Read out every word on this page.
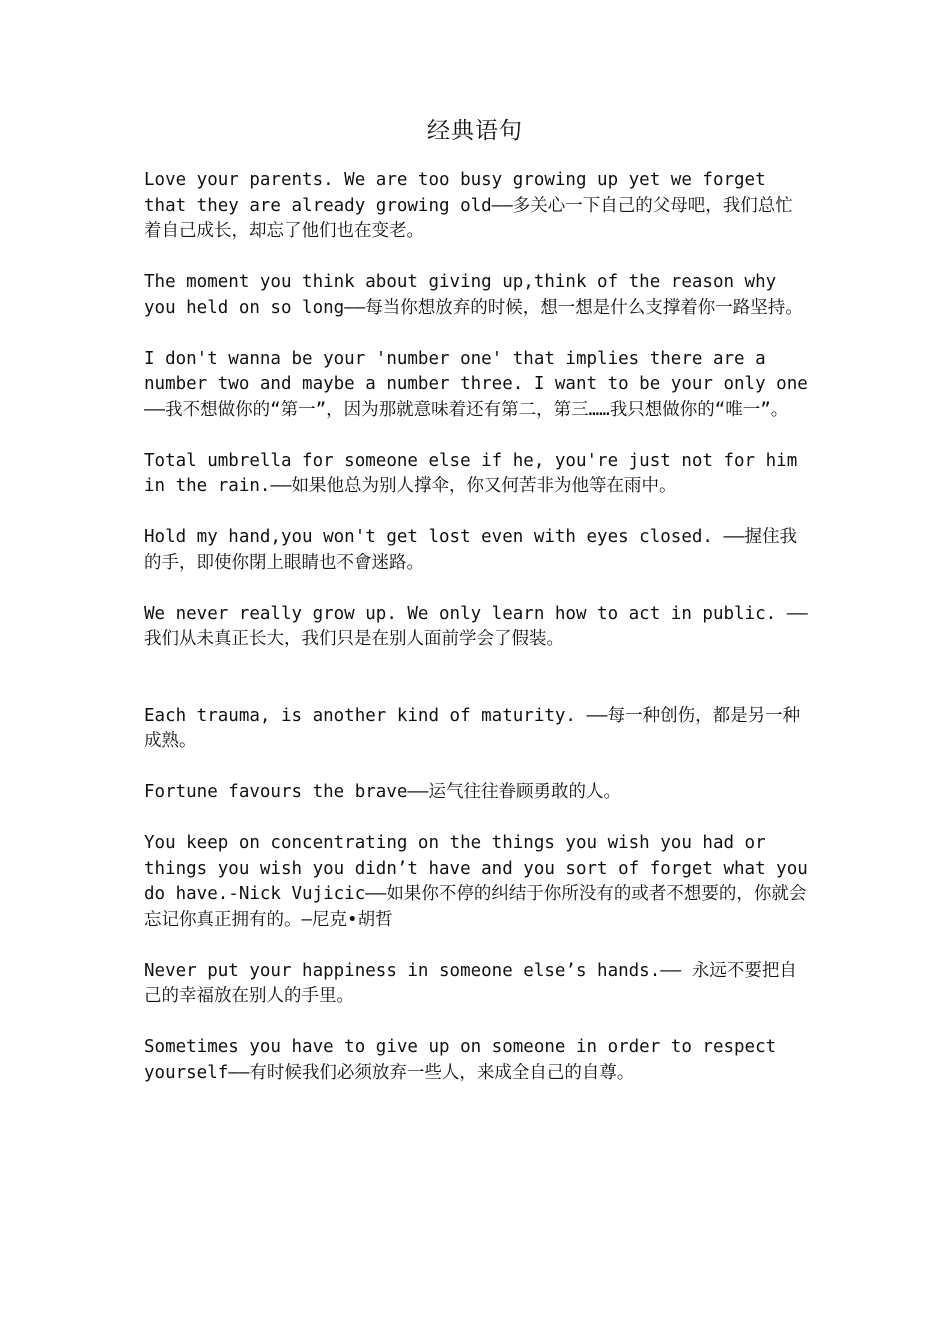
经典语句

Love your parents. We are too busy growing up yet we forget that they are already growing old——多关心一下自己的父母吧，我们总忙着自己成长，却忘了他们也在变老。

The moment you think about giving up,think of the reason why you held on so long——每当你想放弃的时候，想一想是什么支撑着你一路坚持。

I don't wanna be your 'number one' that implies there are a number two and maybe a number three. I want to be your only one——我不想做你的“第一”，因为那就意味着还有第二，第三……我只想做你的“唯一”。

Total umbrella for someone else if he, you're just not for him in the rain.——如果他总为别人撑伞，你又何苦非为他等在雨中。

Hold my hand,you won't get lost even with eyes closed. ——握住我的手，即使你閉上眼睛也不會迷路。

We never really grow up. We only learn how to act in public. ——我们从未真正长大，我们只是在别人面前学会了假装。

Each trauma, is another kind of maturity. ——每一种创伤，都是另一种成熟。

Fortune favours the brave——运气往往眷顾勇敢的人。

You keep on concentrating on the things you wish you had or things you wish you didn’t have and you sort of forget what you do have.-Nick Vujicic——如果你不停的纠结于你所没有的或者不想要的，你就会忘记你真正拥有的。—尼克•胡哲

Never put your happiness in someone else’s hands.—— 永远不要把自己的幸福放在别人的手里。

Sometimes you have to give up on someone in order to respect yourself——有时候我们必须放弃一些人，来成全自己的自尊。
